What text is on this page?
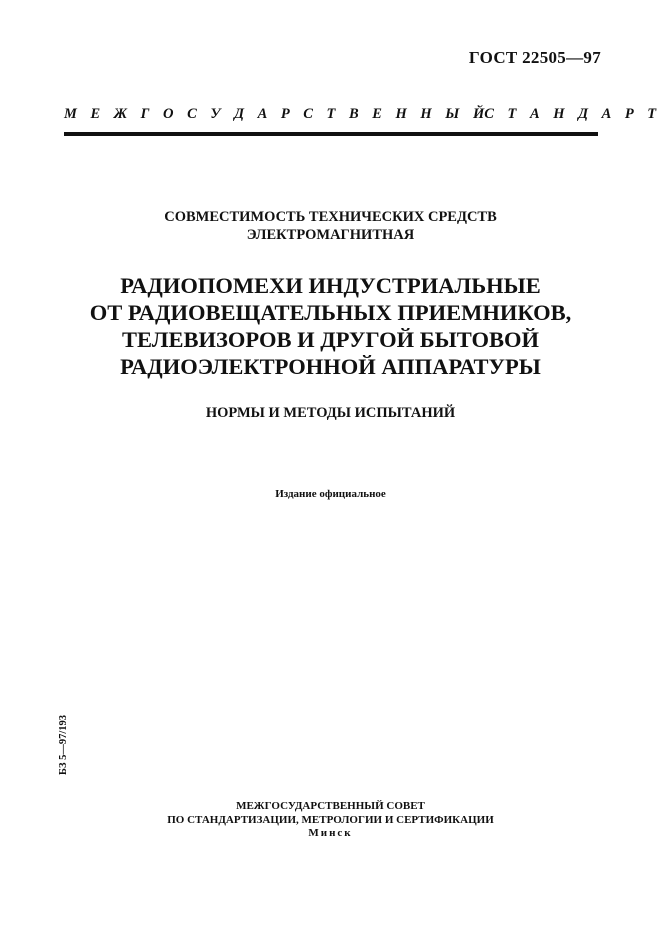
ГОСТ 22505—97
М Е Ж Г О С У Д А Р С Т В Е Н Н Ы Й С Т А Н Д А Р Т
СОВМЕСТИМОСТЬ ТЕХНИЧЕСКИХ СРЕДСТВ
ЭЛЕКТРОМАГНИТНАЯ
РАДИОПОМЕХИ ИНДУСТРИАЛЬНЫЕ
ОТ РАДИОВЕЩАТЕЛЬНЫХ ПРИЕМНИКОВ,
ТЕЛЕВИЗОРОВ И ДРУГОЙ БЫТОВОЙ
РАДИОЭЛЕКТРОННОЙ АППАРАТУРЫ
НОРМЫ И МЕТОДЫ ИСПЫТАНИЙ
Издание официальное
БЗ 5—97/193
МЕЖГОСУДАРСТВЕННЫЙ СОВЕТ
ПО СТАНДАРТИЗАЦИИ, МЕТРОЛОГИИ И СЕРТИФИКАЦИИ
Минск
